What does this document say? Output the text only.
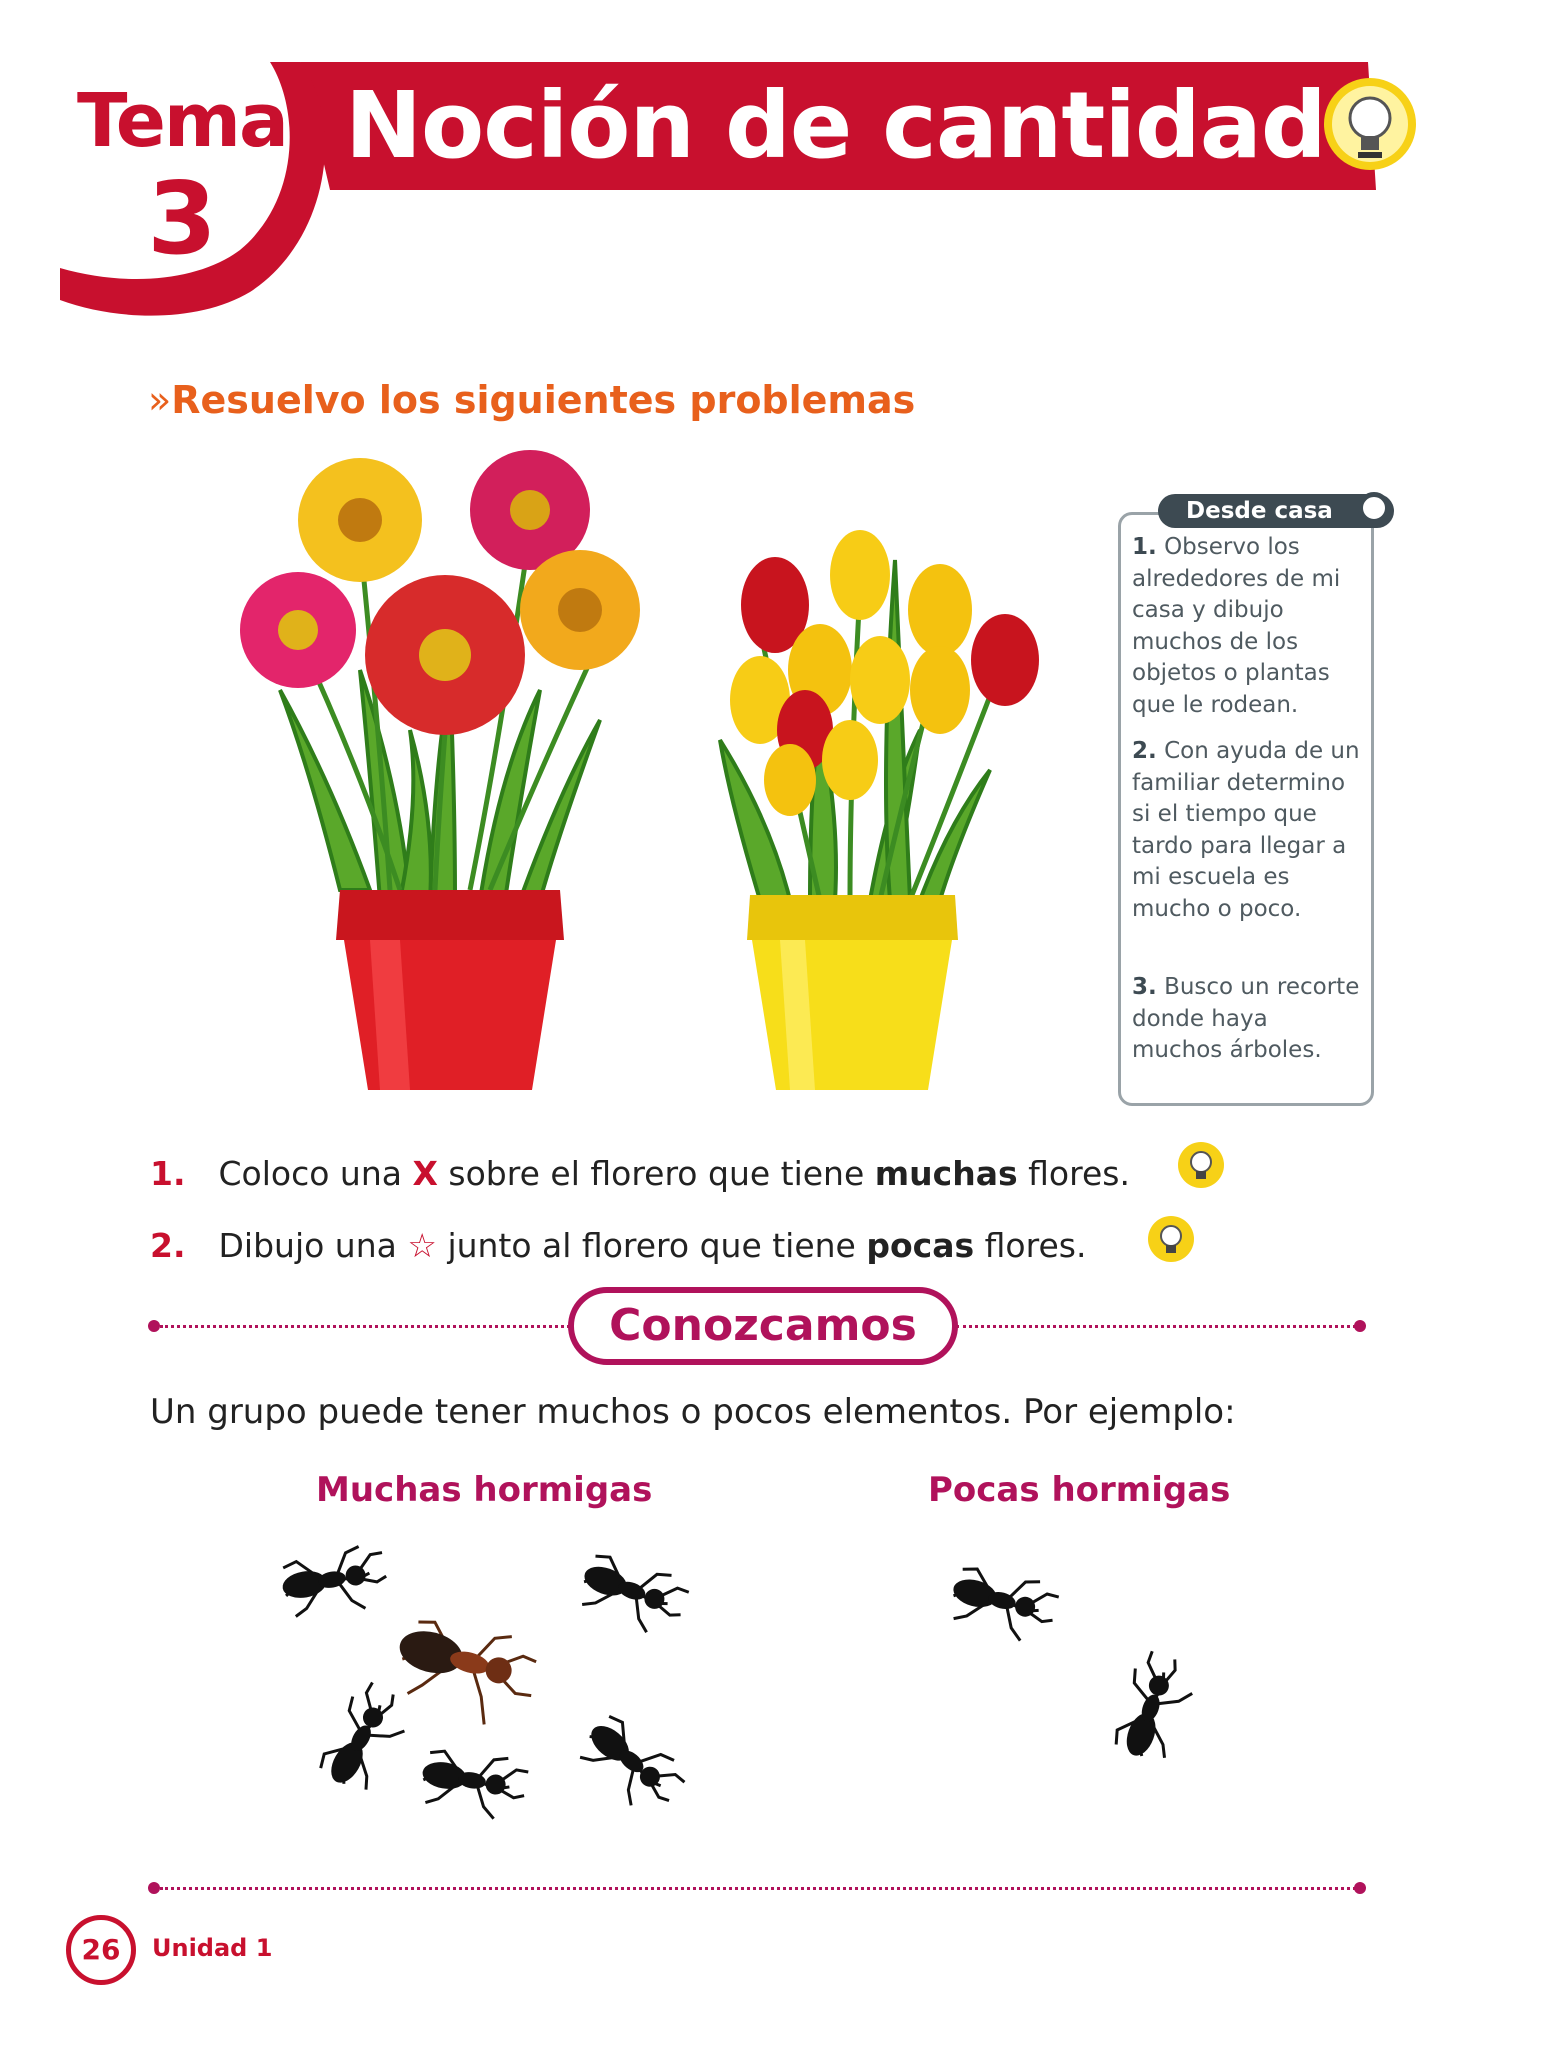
Tema
3
Noción de cantidad
»Resuelvo los siguientes problemas
Desde casa
1. Observo los alrededores de mi casa y dibujo muchos de los objetos o plantas que le rodean.
2. Con ayuda de un familiar determino si el tiempo que tardo para llegar a mi escuela es mucho o poco.
3. Busco un recorte donde haya muchos árboles.
1. Coloco una X sobre el florero que tiene muchas flores.
2. Dibujo una ☆ junto al florero que tiene pocas flores.
Conozcamos
Un grupo puede tener muchos o pocos elementos. Por ejemplo:
Muchas hormigas	Pocas hormigas
26	Unidad 1
